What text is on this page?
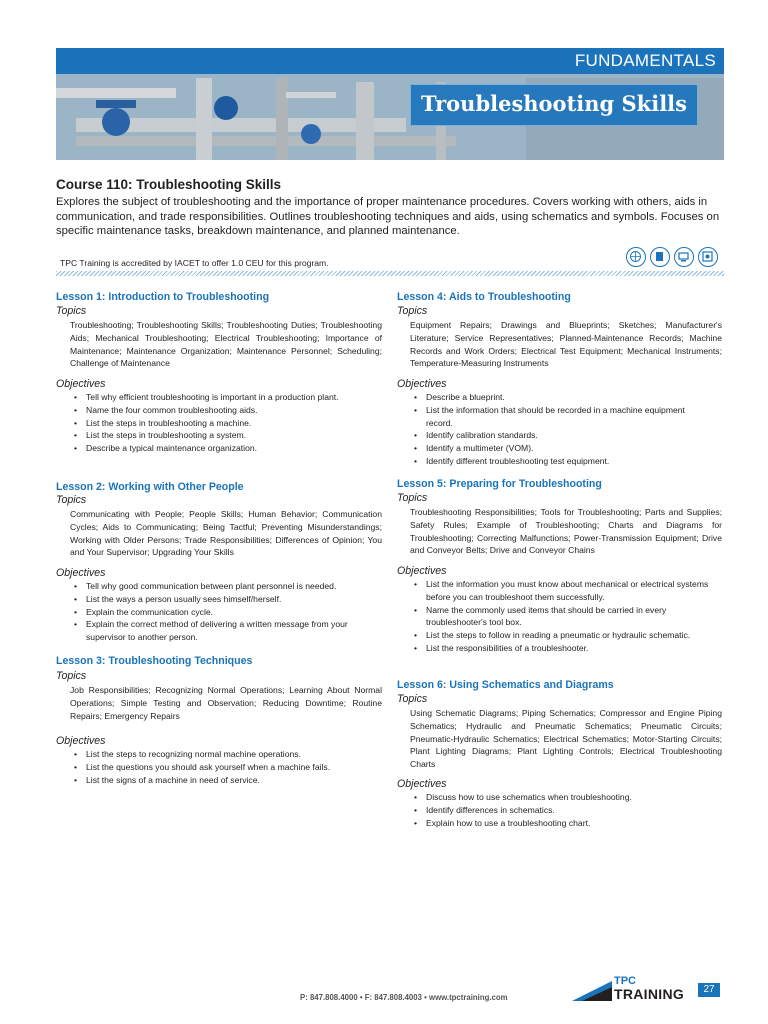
FUNDAMENTALS
Troubleshooting Skills
Course 110: Troubleshooting Skills
Explores the subject of troubleshooting and the importance of proper maintenance procedures. Covers working with others, aids in communication, and trade responsibilities. Outlines troubleshooting techniques and aids, using schematics and symbols. Focuses on specific maintenance tasks, breakdown maintenance, and planned maintenance.
TPC Training is accredited by IACET to offer 1.0 CEU for this program.
Lesson 1: Introduction to Troubleshooting
Topics
Troubleshooting; Troubleshooting Skills; Troubleshooting Duties; Troubleshooting Aids; Mechanical Troubleshooting; Electrical Troubleshooting; Importance of Maintenance; Maintenance Organization; Maintenance Personnel; Scheduling; Challenge of Maintenance
Objectives
• Tell why efficient troubleshooting is important in a production plant.
• Name the four common troubleshooting aids.
• List the steps in troubleshooting a machine.
• List the steps in troubleshooting a system.
• Describe a typical maintenance organization.
Lesson 2: Working with Other People
Topics
Communicating with People; People Skills; Human Behavior; Communication Cycles; Aids to Communicating; Being Tactful; Preventing Misunderstandings; Working with Older Persons; Trade Responsibilities; Differences of Opinion; You and Your Supervisor; Upgrading Your Skills
Objectives
• Tell why good communication between plant personnel is needed.
• List the ways a person usually sees himself/herself.
• Explain the communication cycle.
• Explain the correct method of delivering a written message from your supervisor to another person.
Lesson 3: Troubleshooting Techniques
Topics
Job Responsibilities; Recognizing Normal Operations; Learning About Normal Operations; Simple Testing and Observation; Reducing Downtime; Routine Repairs; Emergency Repairs
Objectives
• List the steps to recognizing normal machine operations.
• List the questions you should ask yourself when a machine fails.
• List the signs of a machine in need of service.
Lesson 4: Aids to Troubleshooting
Topics
Equipment Repairs; Drawings and Blueprints; Sketches; Manufacturer's Literature; Service Representatives; Planned-Maintenance Records; Machine Records and Work Orders; Electrical Test Equipment; Mechanical Instruments; Temperature-Measuring Instruments
Objectives
• Describe a blueprint.
• List the information that should be recorded in a machine equipment record.
• Identify calibration standards.
• Identify a multimeter (VOM).
• Identify different troubleshooting test equipment.
Lesson 5: Preparing for Troubleshooting
Topics
Troubleshooting Responsibilities; Tools for Troubleshooting; Parts and Supplies; Safety Rules; Example of Troubleshooting; Charts and Diagrams for Troubleshooting; Correcting Malfunctions; Power-Transmission Equipment; Drive and Conveyor Belts; Drive and Conveyor Chains
Objectives
• List the information you must know about mechanical or electrical systems before you can troubleshoot them successfully.
• Name the commonly used items that should be carried in every troubleshooter's tool box.
• List the steps to follow in reading a pneumatic or hydraulic schematic.
• List the responsibilities of a troubleshooter.
Lesson 6: Using Schematics and Diagrams
Topics
Using Schematic Diagrams; Piping Schematics; Compressor and Engine Piping Schematics; Hydraulic and Pneumatic Schematics; Pneumatic Circuits; Pneumatic-Hydraulic Schematics; Electrical Schematics; Motor-Starting Circuits; Plant Lighting Diagrams; Plant Lighting Controls; Electrical Troubleshooting Charts
Objectives
• Discuss how to use schematics when troubleshooting.
• Identify differences in schematics.
• Explain how to use a troubleshooting chart.
P: 847.808.4000 • F: 847.808.4003 • www.tpctraining.com
TPC
TRAINING	27
